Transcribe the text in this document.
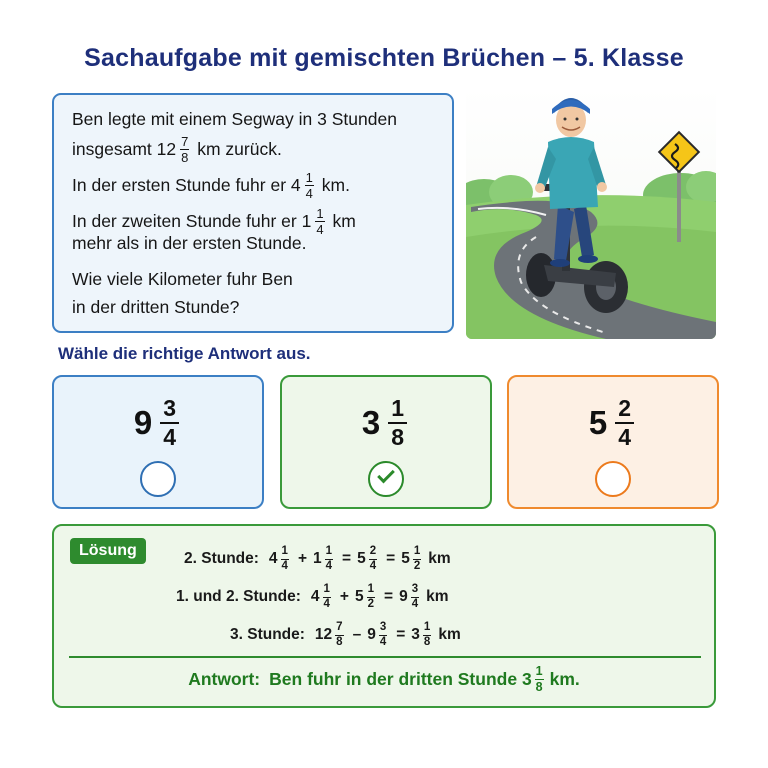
Sachaufgabe mit gemischten Brüchen – 5. Klasse
Ben legte mit einem Segway in 3 Stunden
insgesamt
$12 \frac{7}{8}$
km zurück.
In der ersten Stunde fuhr er
$4 \frac{1}{4}$
km.
In der zweiten Stunde fuhr er
$1 \frac{1}{4}$
km
mehr als in der ersten Stunde.
Wie viele Kilometer fuhr Ben
in der dritten Stunde?
Wähle die richtige Antwort aus.
$9 \frac{3}{4}$	$3 \frac{1}{8}$	$5 \frac{2}{4}$
Lösung	2. Stunde: $4 \frac{1}{4} + 1 \frac{1}{4} = 5 \frac{2}{4} = 5 \frac{1}{2}$ km
1. und 2. Stunde: $4 \frac{1}{4} + 5 \frac{1}{2} = 9 \frac{3}{4}$ km
3. Stunde: $12 \frac{7}{8} - 9 \frac{3}{4} = 3 \frac{1}{8}$ km
Antwort: Ben fuhr in der dritten Stunde
$3 \frac{1}{8}$ km.
